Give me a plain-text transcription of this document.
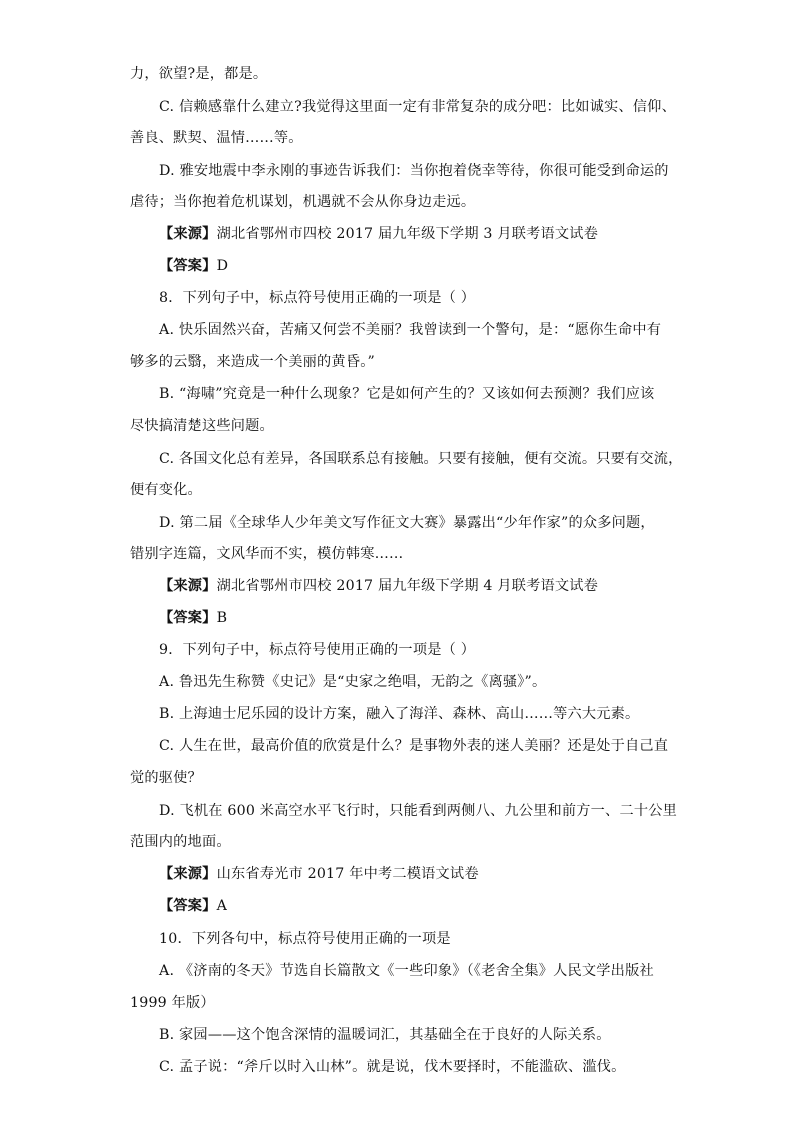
力，欲望?是，都是。
C. 信赖感靠什么建立?我觉得这里面一定有非常复杂的成分吧：比如诚实、信仰、
善良、默契、温情……等。
D. 雅安地震中李永刚的事迹告诉我们：当你抱着侥幸等待，你很可能受到命运的
虐待；当你抱着危机谋划，机遇就不会从你身边走远。
【来源】湖北省鄂州市四校 2017 届九年级下学期 3 月联考语文试卷
【答案】D
8．下列句子中，标点符号使用正确的一项是（ ）
A. 快乐固然兴奋，苦痛又何尝不美丽？我曾读到一个警句，是：“愿你生命中有
够多的云翳，来造成一个美丽的黄昏。”
B. “海啸”究竟是一种什么现象？它是如何产生的？又该如何去预测？我们应该
尽快搞清楚这些问题。
C. 各国文化总有差异，各国联系总有接触。只要有接触，便有交流。只要有交流，
便有变化。
D. 第二届《全球华人少年美文写作征文大赛》暴露出“少年作家”的众多问题，
错别字连篇，文风华而不实，模仿韩寒……
【来源】湖北省鄂州市四校 2017 届九年级下学期 4 月联考语文试卷
【答案】B
9．下列句子中，标点符号使用正确的一项是（ ）
A. 鲁迅先生称赞《史记》是“史家之绝唱，无韵之《离骚》”。
B. 上海迪士尼乐园的设计方案，融入了海洋、森林、高山……等六大元素。
C. 人生在世，最高价值的欣赏是什么？是事物外表的迷人美丽？还是处于自己直
觉的驱使？
D. 飞机在 600 米高空水平飞行时，只能看到两侧八、九公里和前方一、二十公里
范围内的地面。
【来源】山东省寿光市 2017 年中考二模语文试卷
【答案】A
10．下列各句中，标点符号使用正确的一项是
A. 《济南的冬天》节选自长篇散文《一些印象》（《老舍全集》人民文学出版社
1999 年版）
B. 家园——这个饱含深情的温暖词汇，其基础全在于良好的人际关系。
C. 孟子说：“斧斤以时入山林”。就是说，伐木要择时，不能滥砍、滥伐。
